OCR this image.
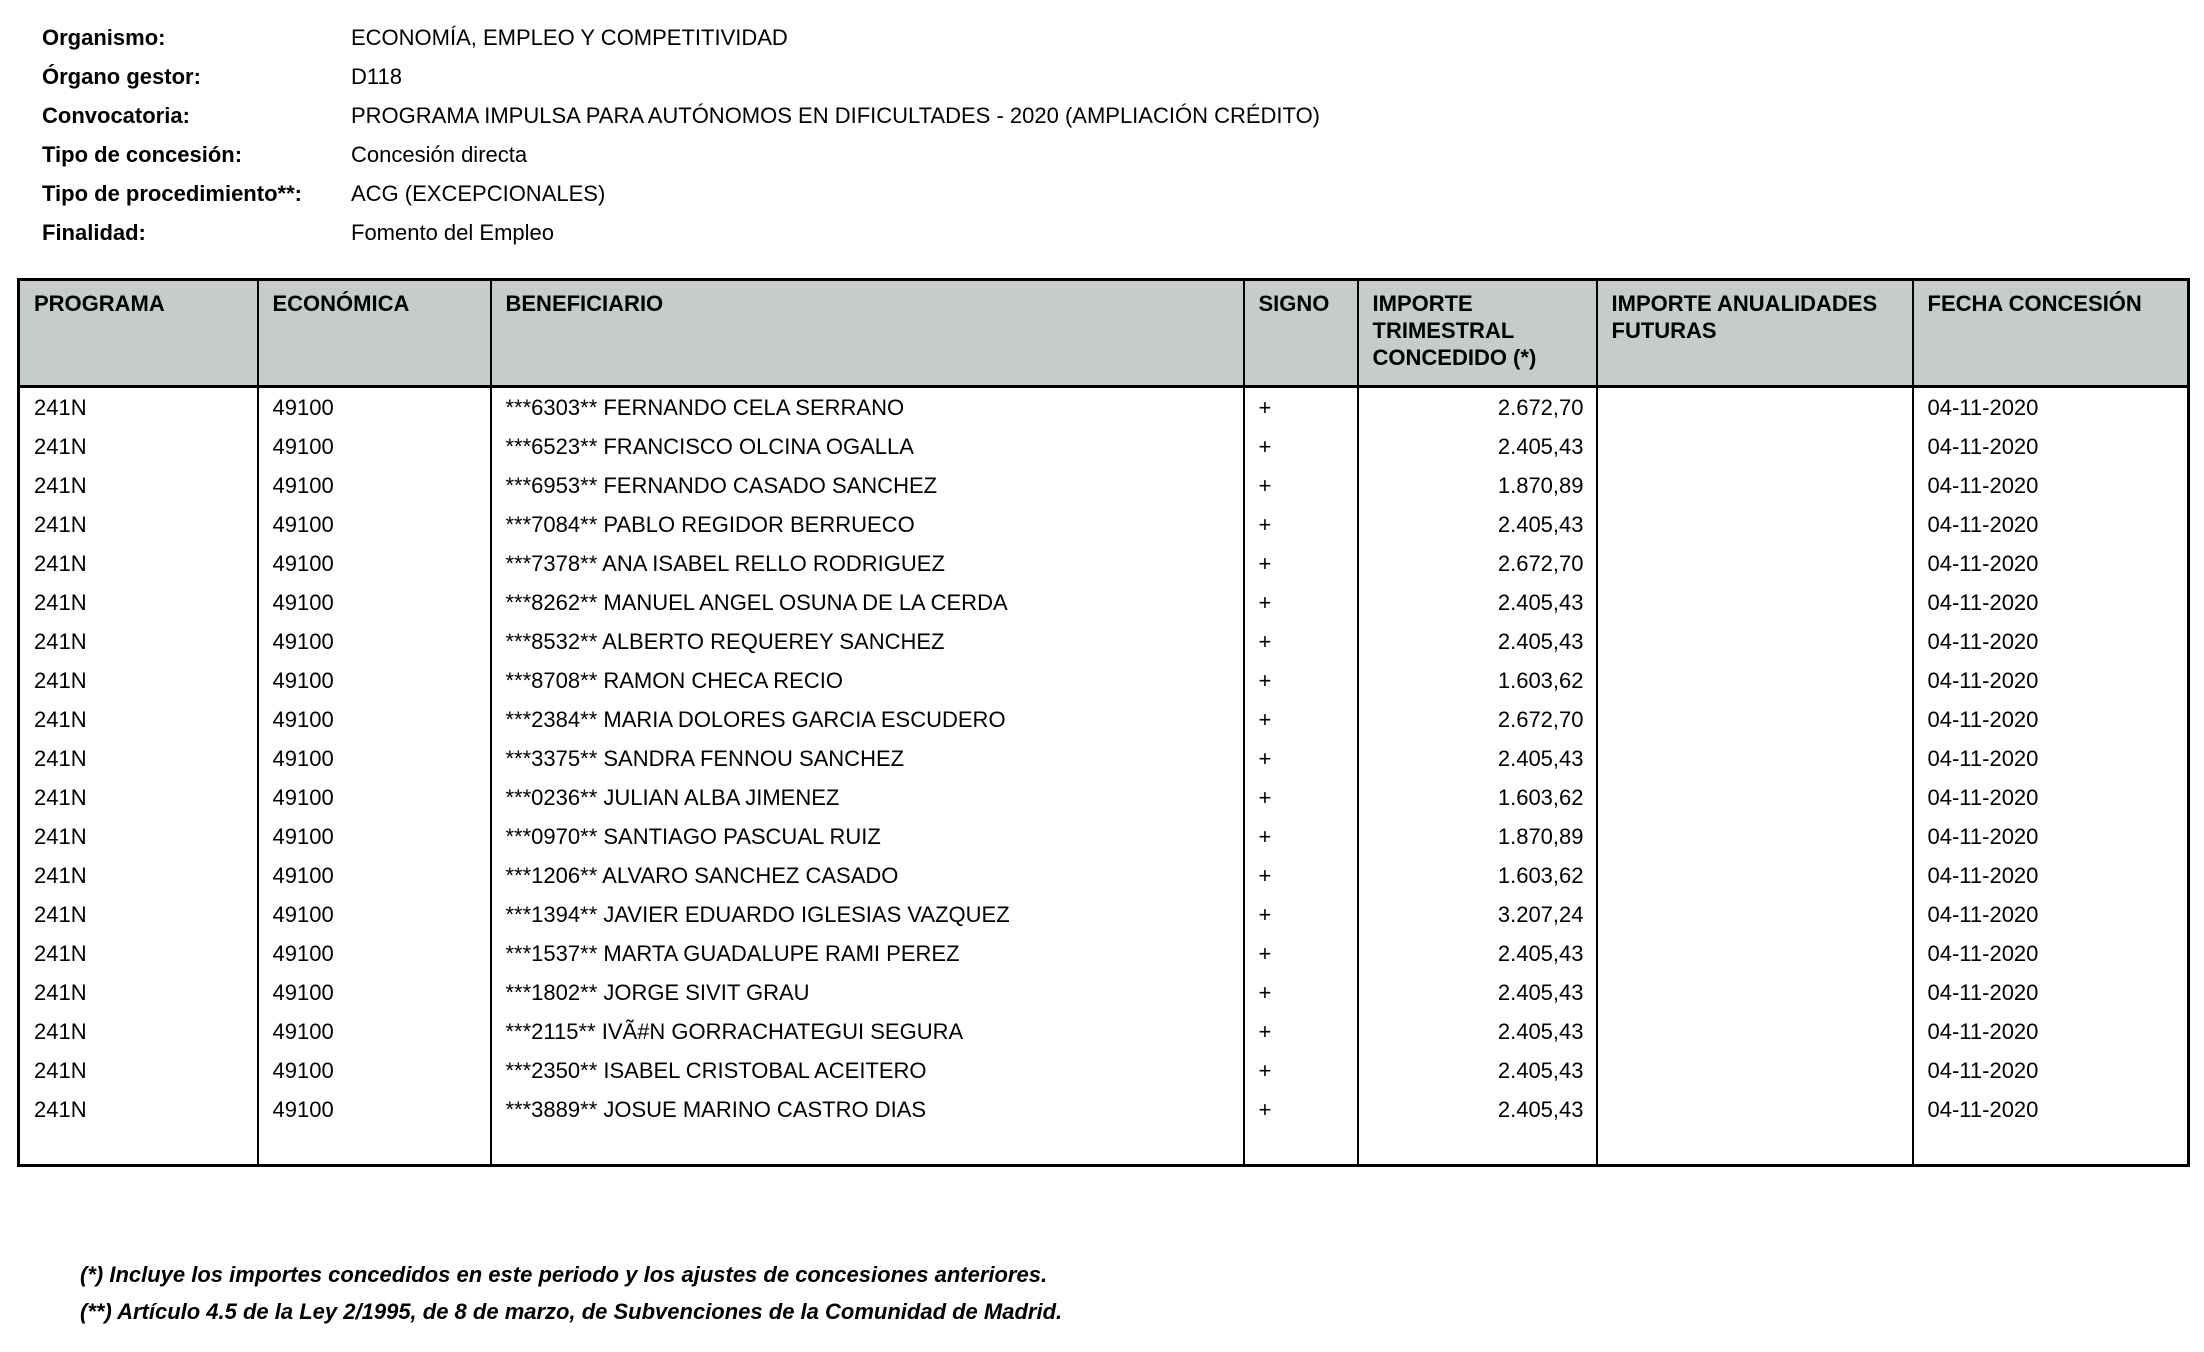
Organismo:	ECONOMÍA, EMPLEO Y COMPETITIVIDAD
Órgano gestor:	D118
Convocatoria:	PROGRAMA IMPULSA PARA AUTÓNOMOS EN DIFICULTADES - 2020 (AMPLIACIÓN CRÉDITO)
Tipo de concesión:	Concesión directa
Tipo de procedimiento**:	ACG (EXCEPCIONALES)
Finalidad:	Fomento del Empleo
PROGRAMA	ECONÓMICA	BENEFICIARIO	SIGNO	IMPORTE TRIMESTRAL CONCEDIDO (*)	IMPORTE ANUALIDADES FUTURAS	FECHA CONCESIÓN
241N	49100	***6303** FERNANDO CELA SERRANO	+	2.672,70		04-11-2020
241N	49100	***6523** FRANCISCO OLCINA OGALLA	+	2.405,43		04-11-2020
241N	49100	***6953** FERNANDO CASADO SANCHEZ	+	1.870,89		04-11-2020
241N	49100	***7084** PABLO REGIDOR BERRUECO	+	2.405,43		04-11-2020
241N	49100	***7378** ANA ISABEL RELLO RODRIGUEZ	+	2.672,70		04-11-2020
241N	49100	***8262** MANUEL ANGEL OSUNA DE LA CERDA	+	2.405,43		04-11-2020
241N	49100	***8532** ALBERTO REQUEREY SANCHEZ	+	2.405,43		04-11-2020
241N	49100	***8708** RAMON CHECA RECIO	+	1.603,62		04-11-2020
241N	49100	***2384** MARIA DOLORES GARCIA ESCUDERO	+	2.672,70		04-11-2020
241N	49100	***3375** SANDRA FENNOU SANCHEZ	+	2.405,43		04-11-2020
241N	49100	***0236** JULIAN ALBA JIMENEZ	+	1.603,62		04-11-2020
241N	49100	***0970** SANTIAGO PASCUAL RUIZ	+	1.870,89		04-11-2020
241N	49100	***1206** ALVARO SANCHEZ CASADO	+	1.603,62		04-11-2020
241N	49100	***1394** JAVIER EDUARDO IGLESIAS VAZQUEZ	+	3.207,24		04-11-2020
241N	49100	***1537** MARTA GUADALUPE RAMI PEREZ	+	2.405,43		04-11-2020
241N	49100	***1802** JORGE SIVIT GRAU	+	2.405,43		04-11-2020
241N	49100	***2115** IVÃ#N GORRACHATEGUI SEGURA	+	2.405,43		04-11-2020
241N	49100	***2350** ISABEL CRISTOBAL ACEITERO	+	2.405,43		04-11-2020
241N	49100	***3889** JOSUE MARINO CASTRO DIAS	+	2.405,43		04-11-2020

(*) Incluye los importes concedidos en este periodo y los ajustes de concesiones anteriores.
(**) Artículo 4.5 de la Ley 2/1995, de 8 de marzo, de Subvenciones de la Comunidad de Madrid.
